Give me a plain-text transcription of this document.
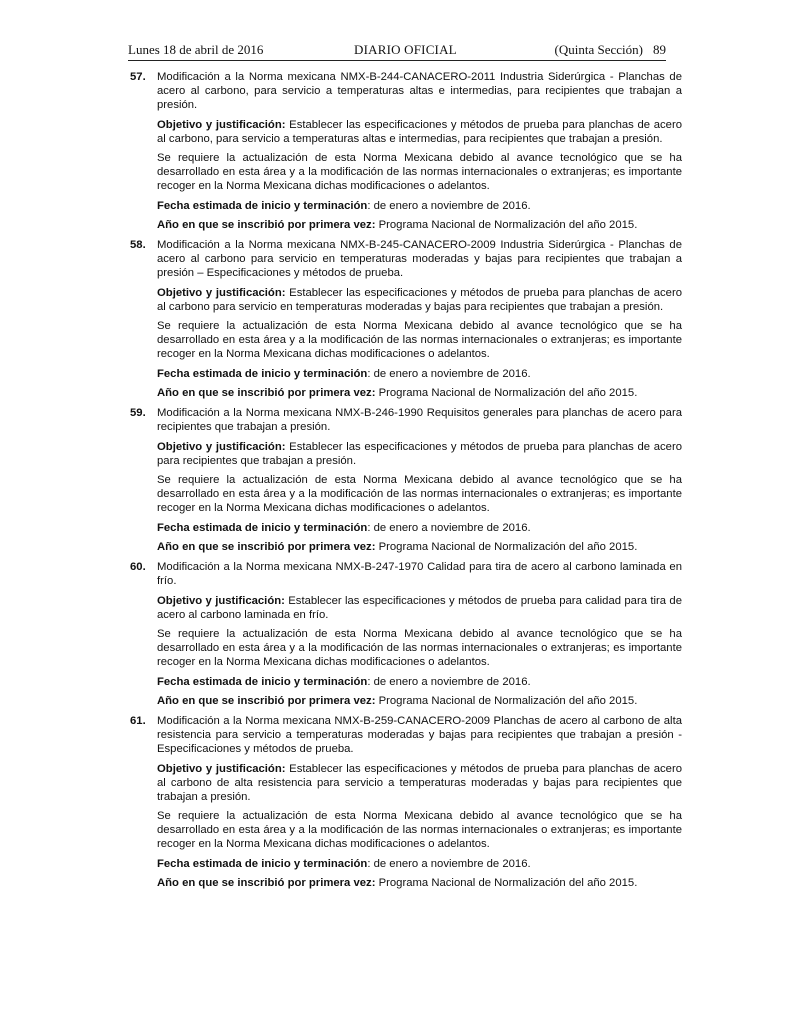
Lunes 18 de abril de 2016	DIARIO OFICIAL	(Quinta Sección) 89
57. Modificación a la Norma mexicana NMX-B-244-CANACERO-2011 Industria Siderúrgica - Planchas de acero al carbono, para servicio a temperaturas altas e intermedias, para recipientes que trabajan a presión.

Objetivo y justificación: Establecer las especificaciones y métodos de prueba para planchas de acero al carbono, para servicio a temperaturas altas e intermedias, para recipientes que trabajan a presión.

Se requiere la actualización de esta Norma Mexicana debido al avance tecnológico que se ha desarrollado en esta área y a la modificación de las normas internacionales o extranjeras; es importante recoger en la Norma Mexicana dichas modificaciones o adelantos.

Fecha estimada de inicio y terminación: de enero a noviembre de 2016.

Año en que se inscribió por primera vez: Programa Nacional de Normalización del año 2015.

58. Modificación a la Norma mexicana NMX-B-245-CANACERO-2009 Industria Siderúrgica - Planchas de acero al carbono para servicio en temperaturas moderadas y bajas para recipientes que trabajan a presión – Especificaciones y métodos de prueba.

Objetivo y justificación: Establecer las especificaciones y métodos de prueba para planchas de acero al carbono para servicio en temperaturas moderadas y bajas para recipientes que trabajan a presión.

Se requiere la actualización de esta Norma Mexicana debido al avance tecnológico que se ha desarrollado en esta área y a la modificación de las normas internacionales o extranjeras; es importante recoger en la Norma Mexicana dichas modificaciones o adelantos.

Fecha estimada de inicio y terminación: de enero a noviembre de 2016.

Año en que se inscribió por primera vez: Programa Nacional de Normalización del año 2015.

59. Modificación a la Norma mexicana NMX-B-246-1990 Requisitos generales para planchas de acero para recipientes que trabajan a presión.

Objetivo y justificación: Establecer las especificaciones y métodos de prueba para planchas de acero para recipientes que trabajan a presión.

Se requiere la actualización de esta Norma Mexicana debido al avance tecnológico que se ha desarrollado en esta área y a la modificación de las normas internacionales o extranjeras; es importante recoger en la Norma Mexicana dichas modificaciones o adelantos.

Fecha estimada de inicio y terminación: de enero a noviembre de 2016.

Año en que se inscribió por primera vez: Programa Nacional de Normalización del año 2015.

60. Modificación a la Norma mexicana NMX-B-247-1970 Calidad para tira de acero al carbono laminada en frío.

Objetivo y justificación: Establecer las especificaciones y métodos de prueba para calidad para tira de acero al carbono laminada en frío.

Se requiere la actualización de esta Norma Mexicana debido al avance tecnológico que se ha desarrollado en esta área y a la modificación de las normas internacionales o extranjeras; es importante recoger en la Norma Mexicana dichas modificaciones o adelantos.

Fecha estimada de inicio y terminación: de enero a noviembre de 2016.

Año en que se inscribió por primera vez: Programa Nacional de Normalización del año 2015.

61. Modificación a la Norma mexicana NMX-B-259-CANACERO-2009 Planchas de acero al carbono de alta resistencia para servicio a temperaturas moderadas y bajas para recipientes que trabajan a presión -Especificaciones y métodos de prueba.

Objetivo y justificación: Establecer las especificaciones y métodos de prueba para planchas de acero al carbono de alta resistencia para servicio a temperaturas moderadas y bajas para recipientes que trabajan a presión.

Se requiere la actualización de esta Norma Mexicana debido al avance tecnológico que se ha desarrollado en esta área y a la modificación de las normas internacionales o extranjeras; es importante recoger en la Norma Mexicana dichas modificaciones o adelantos.

Fecha estimada de inicio y terminación: de enero a noviembre de 2016.

Año en que se inscribió por primera vez: Programa Nacional de Normalización del año 2015.
